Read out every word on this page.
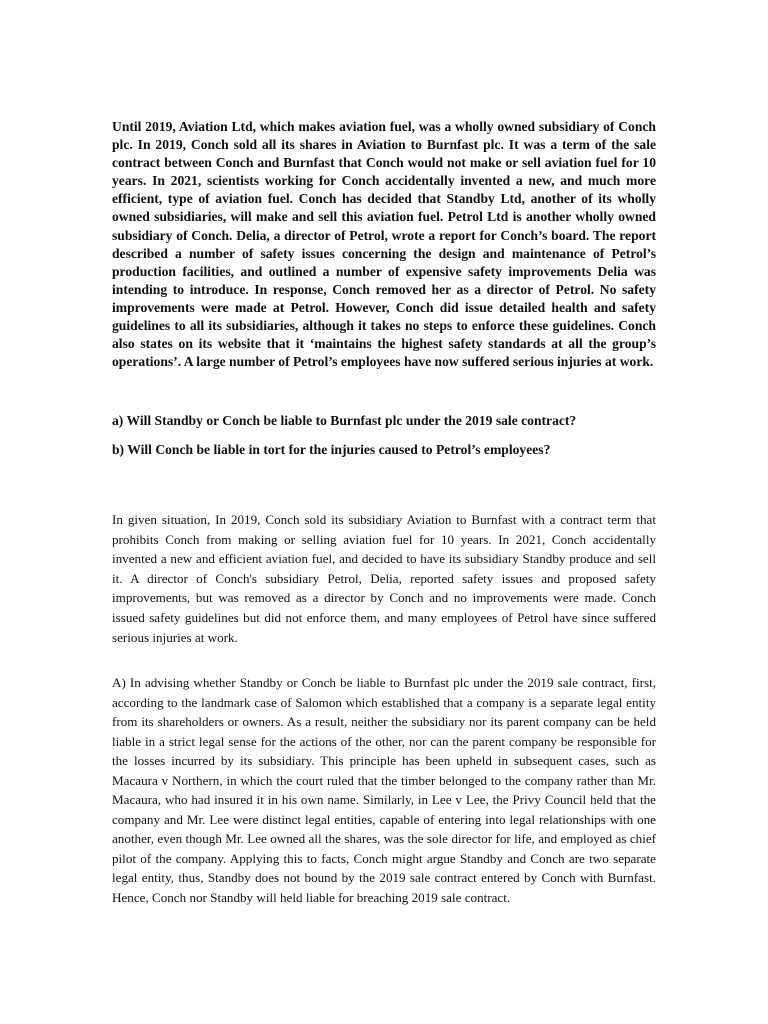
Until 2019, Aviation Ltd, which makes aviation fuel, was a wholly owned subsidiary of Conch plc. In 2019, Conch sold all its shares in Aviation to Burnfast plc. It was a term of the sale contract between Conch and Burnfast that Conch would not make or sell aviation fuel for 10 years. In 2021, scientists working for Conch accidentally invented a new, and much more efficient, type of aviation fuel. Conch has decided that Standby Ltd, another of its wholly owned subsidiaries, will make and sell this aviation fuel. Petrol Ltd is another wholly owned subsidiary of Conch. Delia, a director of Petrol, wrote a report for Conch’s board. The report described a number of safety issues concerning the design and maintenance of Petrol’s production facilities, and outlined a number of expensive safety improvements Delia was intending to introduce. In response, Conch removed her as a director of Petrol. No safety improvements were made at Petrol. However, Conch did issue detailed health and safety guidelines to all its subsidiaries, although it takes no steps to enforce these guidelines. Conch also states on its website that it ‘maintains the highest safety standards at all the group’s operations’. A large number of Petrol’s employees have now suffered serious injuries at work.

a) Will Standby or Conch be liable to Burnfast plc under the 2019 sale contract?
b) Will Conch be liable in tort for the injuries caused to Petrol’s employees?

In given situation, In 2019, Conch sold its subsidiary Aviation to Burnfast with a contract term that prohibits Conch from making or selling aviation fuel for 10 years. In 2021, Conch accidentally invented a new and efficient aviation fuel, and decided to have its subsidiary Standby produce and sell it. A director of Conch's subsidiary Petrol, Delia, reported safety issues and proposed safety improvements, but was removed as a director by Conch and no improvements were made. Conch issued safety guidelines but did not enforce them, and many employees of Petrol have since suffered serious injuries at work.

A) In advising whether Standby or Conch be liable to Burnfast plc under the 2019 sale contract, first, according to the landmark case of Salomon which established that a company is a separate legal entity from its shareholders or owners. As a result, neither the subsidiary nor its parent company can be held liable in a strict legal sense for the actions of the other, nor can the parent company be responsible for the losses incurred by its subsidiary. This principle has been upheld in subsequent cases, such as Macaura v Northern, in which the court ruled that the timber belonged to the company rather than Mr. Macaura, who had insured it in his own name. Similarly, in Lee v Lee, the Privy Council held that the company and Mr. Lee were distinct legal entities, capable of entering into legal relationships with one another, even though Mr. Lee owned all the shares, was the sole director for life, and employed as chief pilot of the company. Applying this to facts, Conch might argue Standby and Conch are two separate legal entity, thus, Standby does not bound by the 2019 sale contract entered by Conch with Burnfast. Hence, Conch nor Standby will held liable for breaching 2019 sale contract.
